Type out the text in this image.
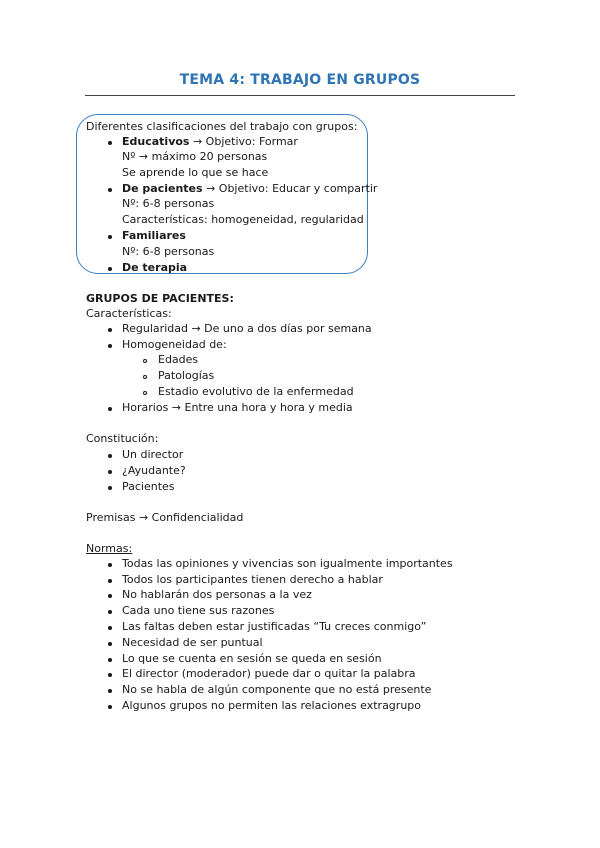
TEMA 4: TRABAJO EN GRUPOS
Diferentes clasificaciones del trabajo con grupos:
Educativos → Objetivo: Formar
Nº → máximo 20 personas
Se aprende lo que se hace
De pacientes → Objetivo: Educar y compartir
Nº: 6-8 personas
Características: homogeneidad, regularidad
Familiares
Nº: 6-8 personas
De terapia
GRUPOS DE PACIENTES:
Características:
Regularidad → De uno a dos días por semana
Homogeneidad de:
Edades
Patologías
Estadio evolutivo de la enfermedad
Horarios → Entre una hora y hora y media
Constitución:
Un director
¿Ayudante?
Pacientes
Premisas → Confidencialidad
Normas:
Todas las opiniones y vivencias son igualmente importantes
Todos los participantes tienen derecho a hablar
No hablarán dos personas a la vez
Cada uno tiene sus razones
Las faltas deben estar justificadas “Tu creces conmigo”
Necesidad de ser puntual
Lo que se cuenta en sesión se queda en sesión
El director (moderador) puede dar o quitar la palabra
No se habla de algún componente que no está presente
Algunos grupos no permiten las relaciones extragrupo
